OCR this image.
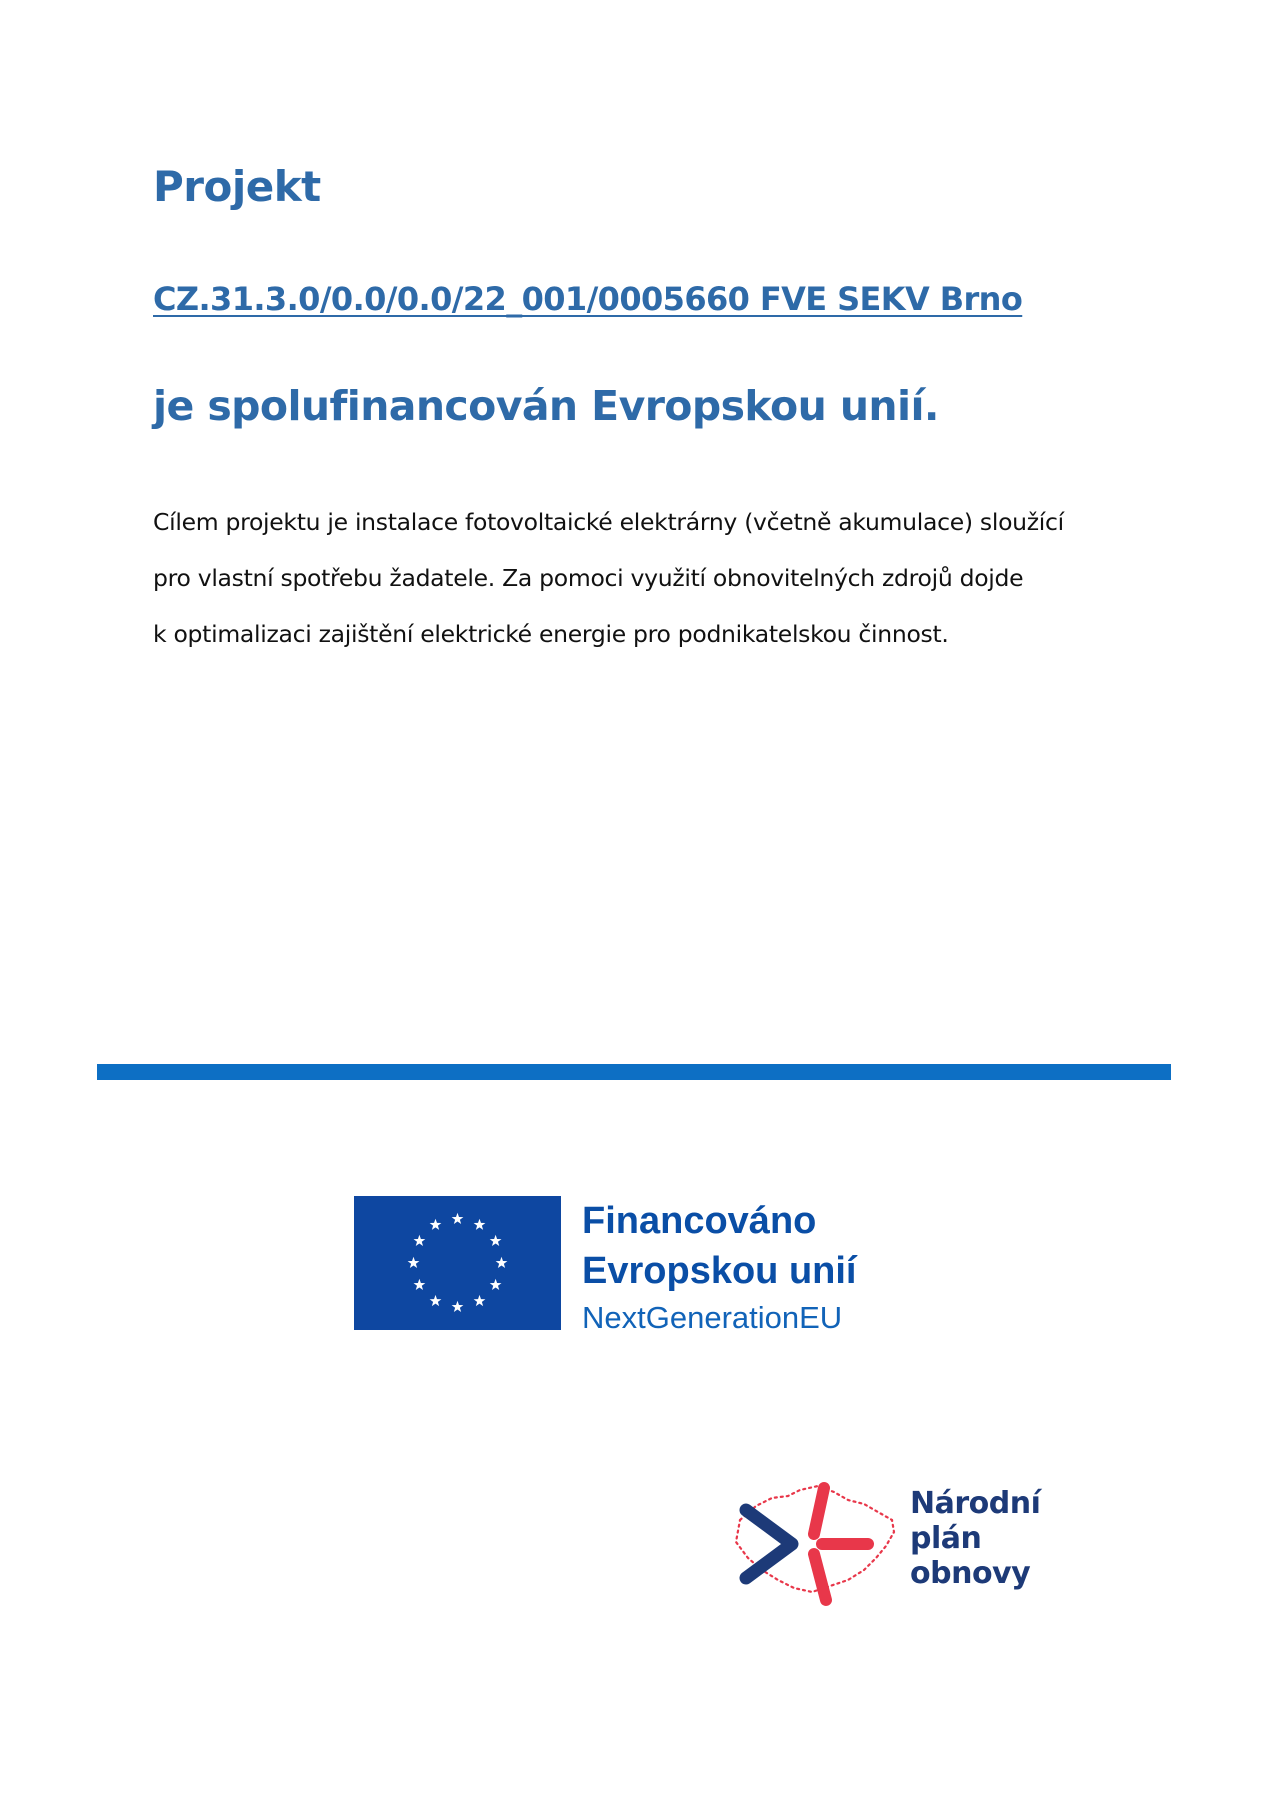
Projekt
CZ.31.3.0/0.0/0.0/22_001/0005660 FVE SEKV Brno
je spolufinancován Evropskou unií.

Cílem projektu je instalace fotovoltaické elektrárny (včetně akumulace) sloužící
pro vlastní spotřebu žadatele. Za pomoci využití obnovitelných zdrojů dojde
k optimalizaci zajištění elektrické energie pro podnikatelskou činnost.

Financováno
Evropskou unií
NextGenerationEU
Národní
plán
obnovy
